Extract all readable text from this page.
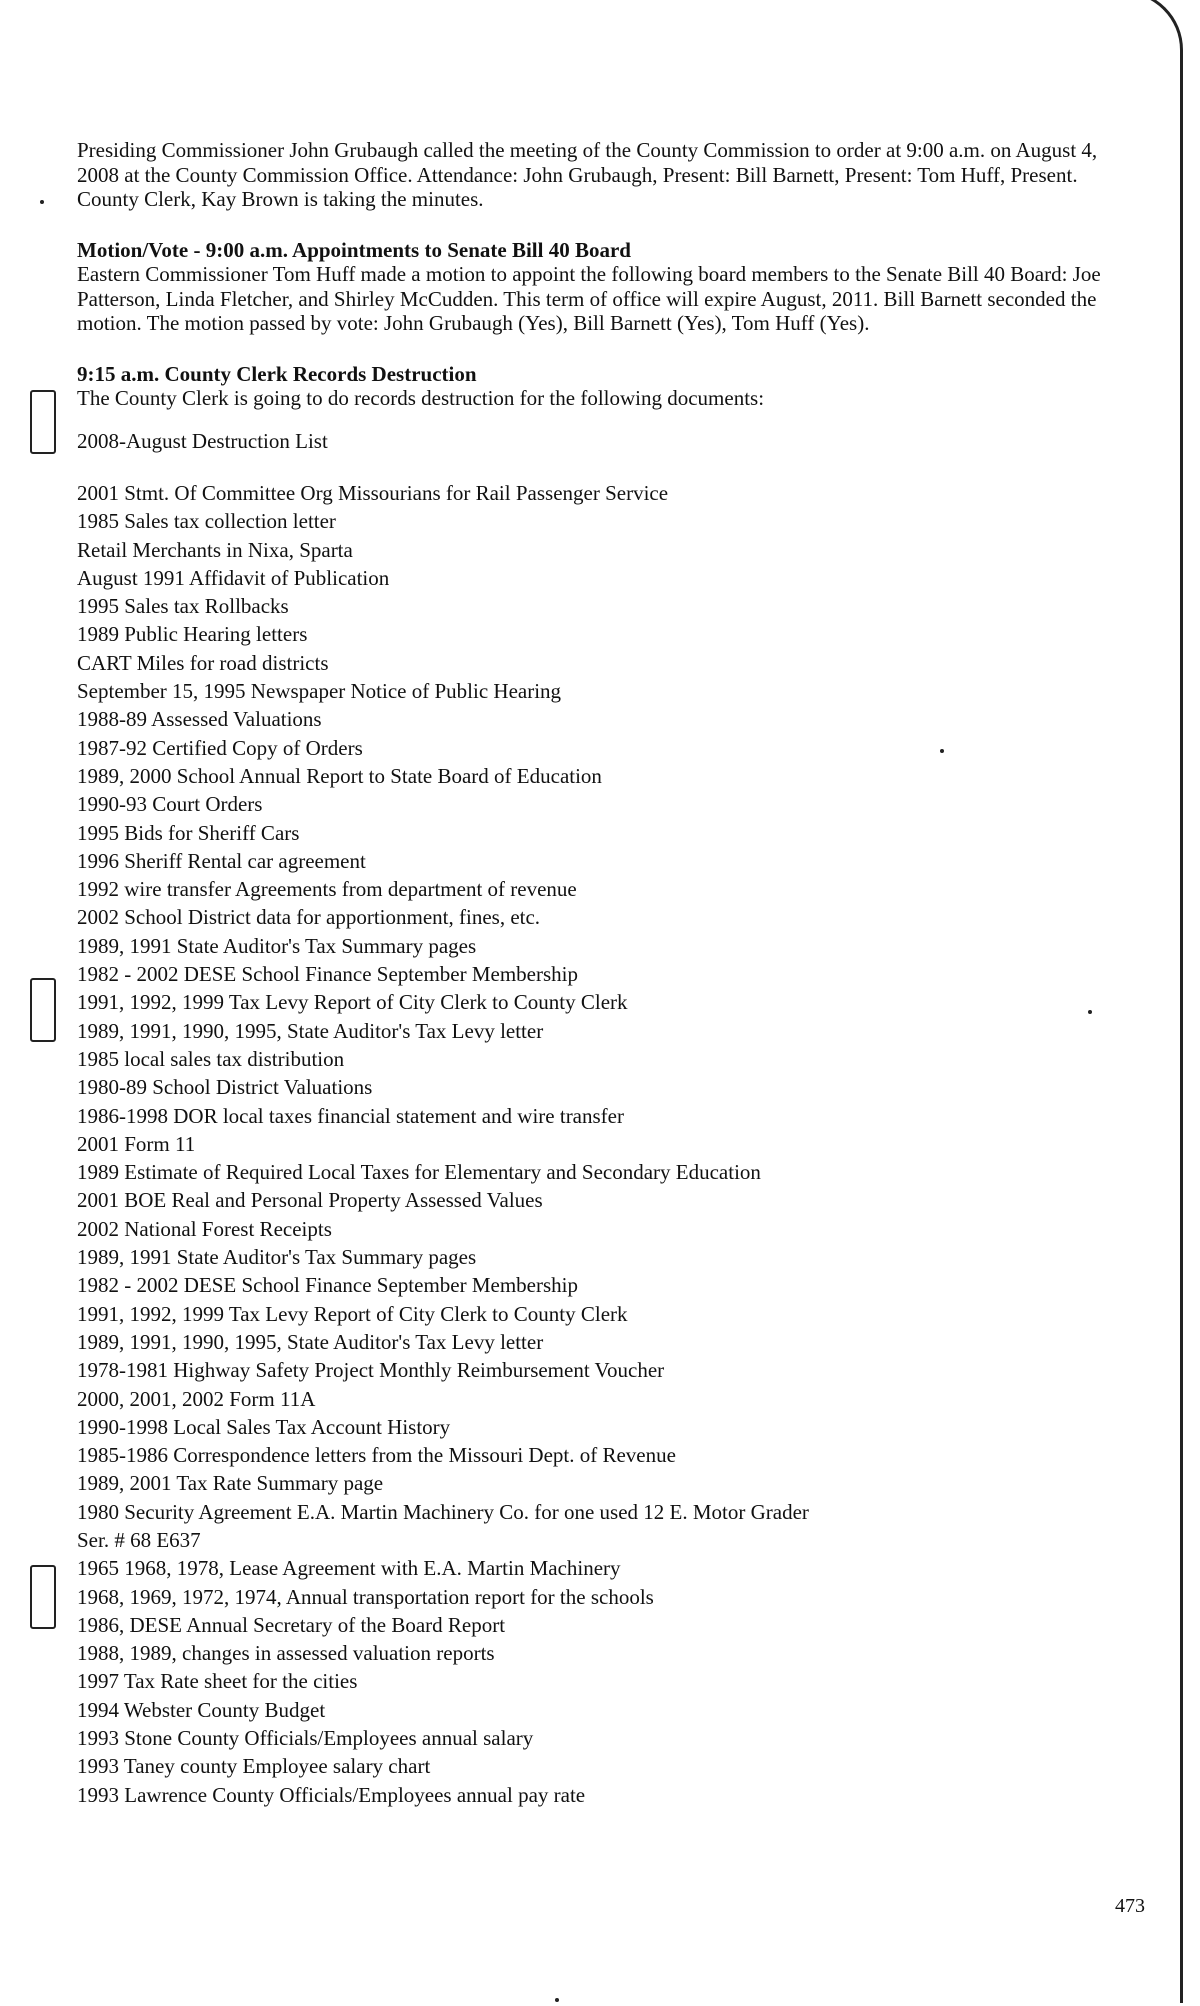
Presiding Commissioner John Grubaugh called the meeting of the County Commission to order at 9:00 a.m. on August 4, 2008 at the County Commission Office. Attendance: John Grubaugh, Present: Bill Barnett, Present: Tom Huff, Present. County Clerk, Kay Brown is taking the minutes.

Motion/Vote - 9:00 a.m. Appointments to Senate Bill 40 Board
Eastern Commissioner Tom Huff made a motion to appoint the following board members to the Senate Bill 40 Board: Joe Patterson, Linda Fletcher, and Shirley McCudden. This term of office will expire August, 2011. Bill Barnett seconded the motion. The motion passed by vote: John Grubaugh (Yes), Bill Barnett (Yes), Tom Huff (Yes).
9:15 a.m. County Clerk Records Destruction
The County Clerk is going to do records destruction for the following documents:
2008-August Destruction List
2001 Stmt. Of Committee Org Missourians for Rail Passenger Service
1985 Sales tax collection letter
Retail Merchants in Nixa, Sparta
August 1991 Affidavit of Publication
1995 Sales tax Rollbacks
1989 Public Hearing letters
CART Miles for road districts
September 15, 1995 Newspaper Notice of Public Hearing
1988-89 Assessed Valuations
1987-92 Certified Copy of Orders
1989, 2000 School Annual Report to State Board of Education
1990-93 Court Orders
1995 Bids for Sheriff Cars
1996 Sheriff Rental car agreement
1992 wire transfer Agreements from department of revenue
2002 School District data for apportionment, fines, etc.
1989, 1991 State Auditor's Tax Summary pages
1982 - 2002 DESE School Finance September Membership
1991, 1992, 1999 Tax Levy Report of City Clerk to County Clerk
1989, 1991, 1990, 1995, State Auditor's Tax Levy letter
1985 local sales tax distribution
1980-89 School District Valuations
1986-1998 DOR local taxes financial statement and wire transfer
2001 Form 11
1989 Estimate of Required Local Taxes for Elementary and Secondary Education
2001 BOE Real and Personal Property Assessed Values
2002 National Forest Receipts
1989, 1991 State Auditor's Tax Summary pages
1982 - 2002 DESE School Finance September Membership
1991, 1992, 1999 Tax Levy Report of City Clerk to County Clerk
1989, 1991, 1990, 1995, State Auditor's Tax Levy letter
1978-1981 Highway Safety Project Monthly Reimbursement Voucher
2000, 2001, 2002 Form 11A
1990-1998 Local Sales Tax Account History
1985-1986 Correspondence letters from the Missouri Dept. of Revenue
1989, 2001 Tax Rate Summary page
1980 Security Agreement E.A. Martin Machinery Co. for one used 12 E. Motor Grader
Ser. # 68 E637
1965 1968, 1978, Lease Agreement with E.A. Martin Machinery
1968, 1969, 1972, 1974, Annual transportation report for the schools
1986, DESE Annual Secretary of the Board Report
1988, 1989, changes in assessed valuation reports
1997 Tax Rate sheet for the cities
1994 Webster County Budget
1993 Stone County Officials/Employees annual salary
1993 Taney county Employee salary chart
1993 Lawrence County Officials/Employees annual pay rate
473
